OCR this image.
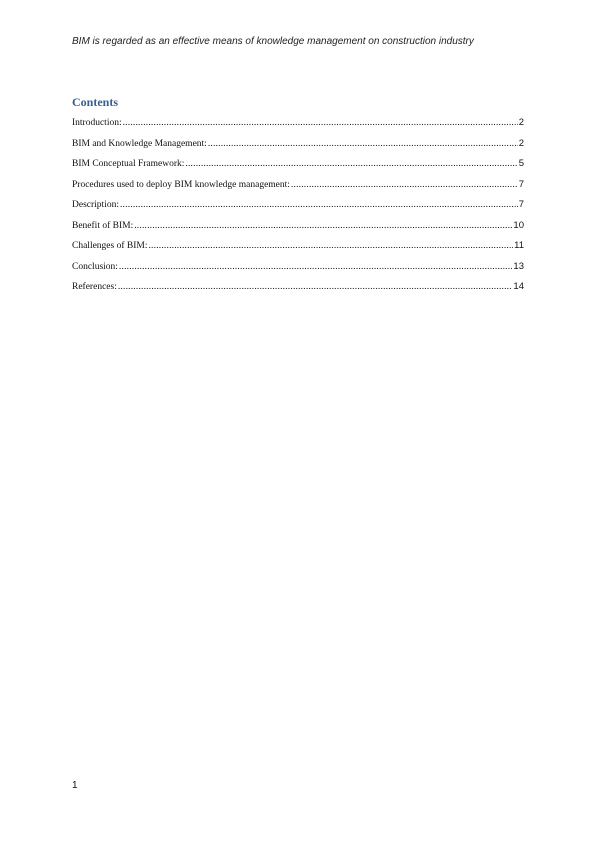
BIM is regarded as an effective means of knowledge management on construction industry
Contents
Introduction: .....	2
BIM and Knowledge Management: .....	2
BIM Conceptual Framework: .....	5
Procedures used to deploy BIM knowledge management: .....	7
Description: .....	7
Benefit of BIM: .....	10
Challenges of BIM: .....	11
Conclusion: .....	13
References: .....	14
1
